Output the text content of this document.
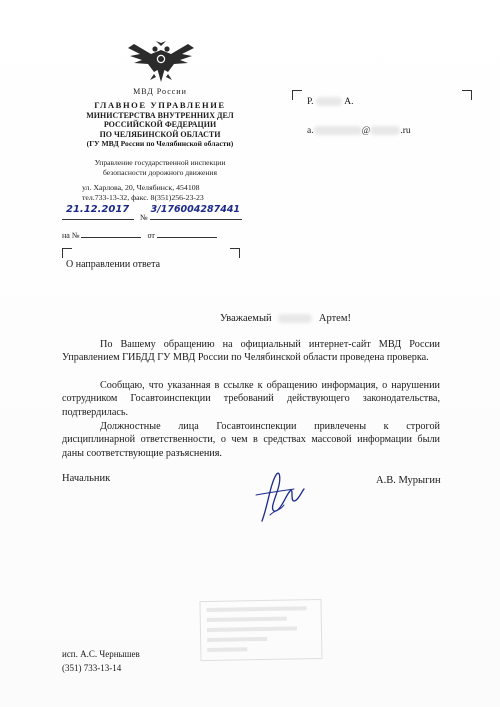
МВД России
ГЛАВНОЕ УПРАВЛЕНИЕ
МИНИСТЕРСТВА ВНУТРЕННИХ ДЕЛ
РОССИЙСКОЙ ФЕДЕРАЦИИ
ПО ЧЕЛЯБИНСКОЙ ОБЛАСТИ
(ГУ МВД России по Челябинской области)
Управление государственной инспекции
безопасности дорожного движения
ул. Харлова, 20, Челябинск, 454108
тел.733-13-32, факс. 8(351)256-23-23
21.12.2017
№
3/176004287441
на №	от
О направлении ответа
Р.	А.
a.	@	.ru
Уважаемый	Артем!

По Вашему обращению на официальный интернет-сайт МВД России Управлением ГИБДД ГУ МВД России по Челябинской области проведена проверка.

Сообщаю, что указанная в ссылке к обращению информация, о нарушении сотрудником Госавтоинспекции требований действующего законодательства, подтвердилась.

Должностные лица Госавтоинспекции привлечены к строгой дисциплинарной ответственности, о чем в средствах массовой информации были даны соответствующие разъяснения.

Начальник	А.В. Мурыгин
исп. А.С. Чернышев
(351) 733-13-14
